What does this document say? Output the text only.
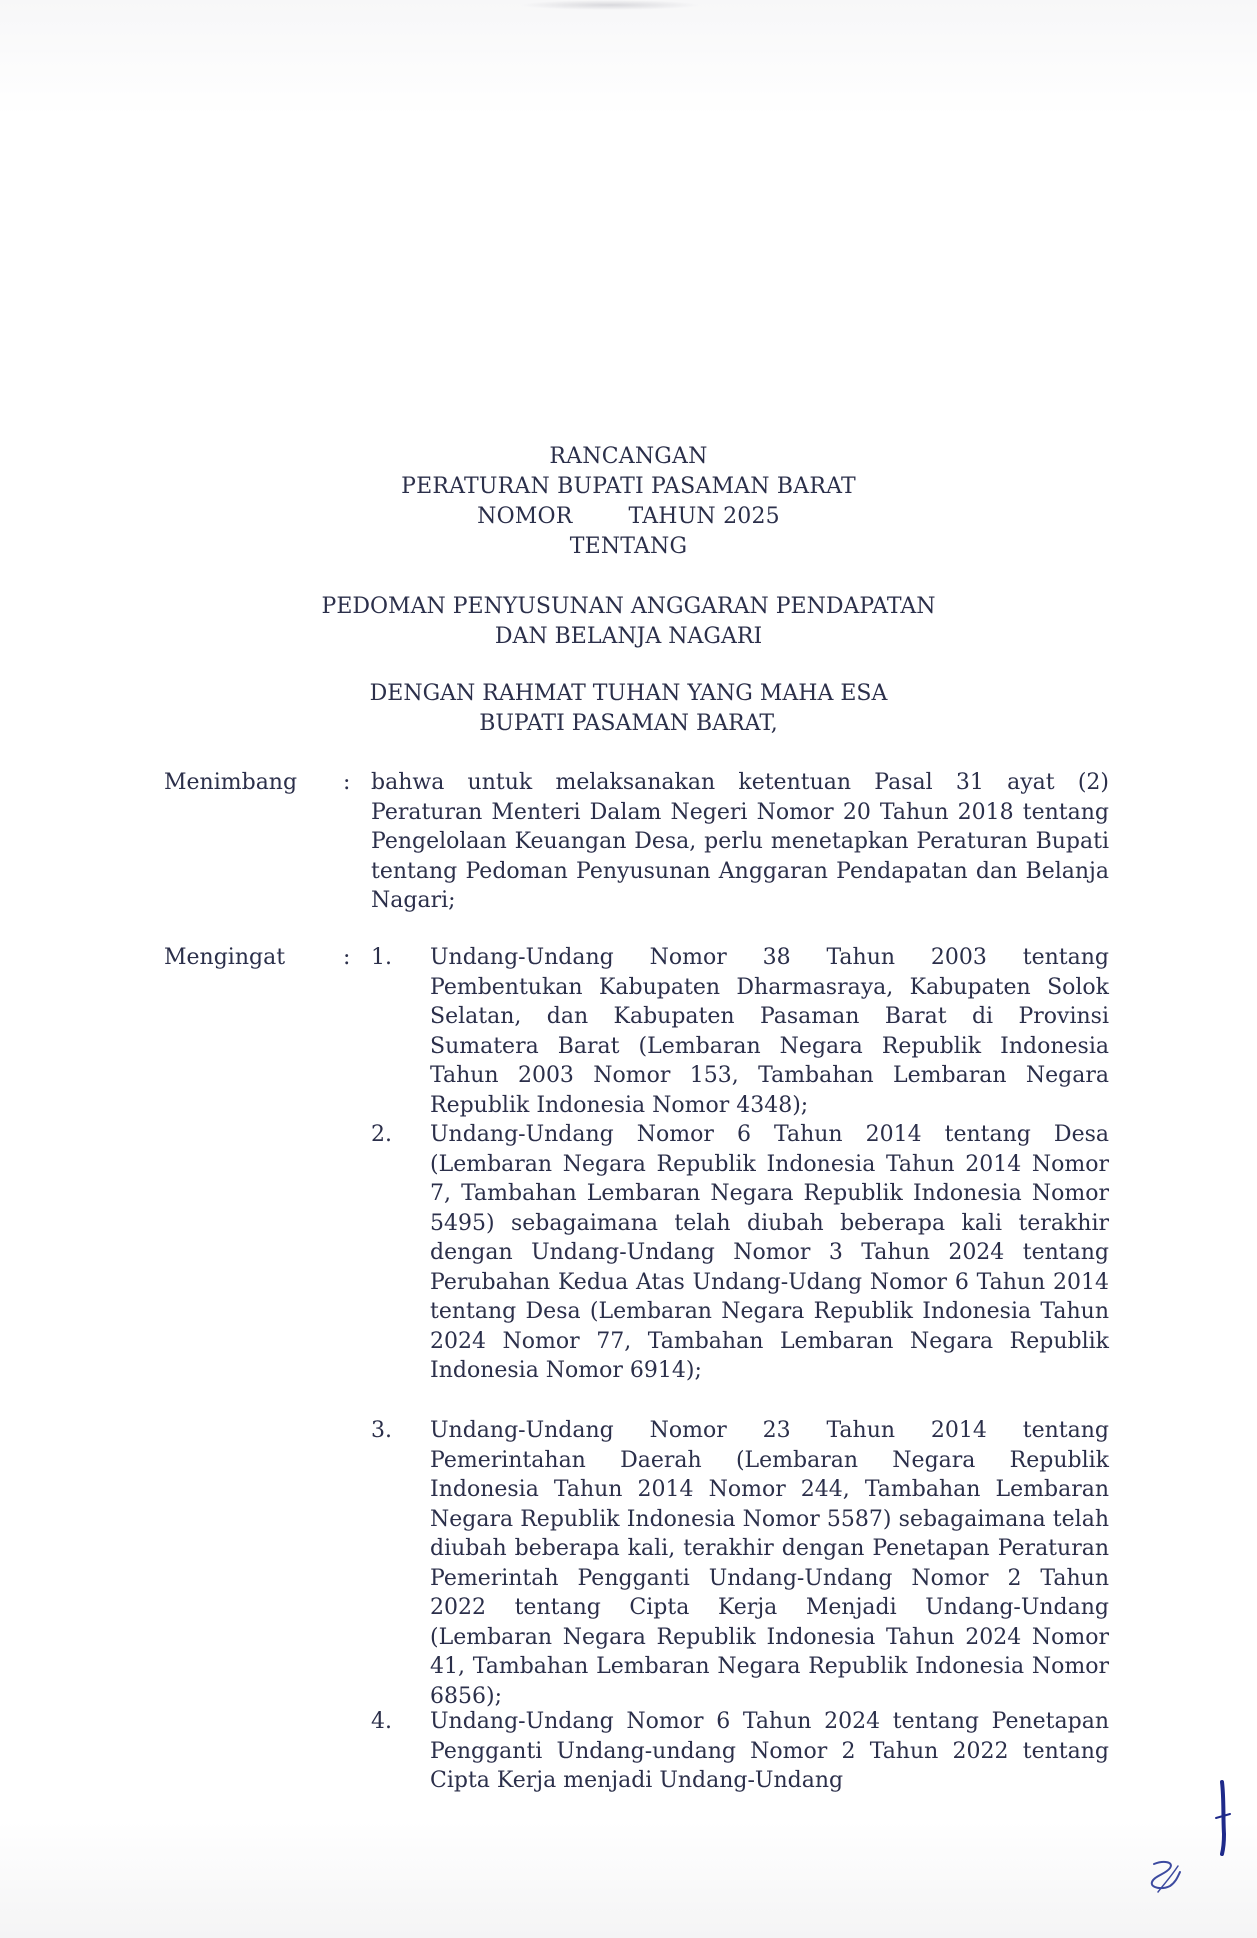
RANCANGAN
PERATURAN BUPATI PASAMAN BARAT
NOMOR	TAHUN 2025
TENTANG
PEDOMAN PENYUSUNAN ANGGARAN PENDAPATAN
DAN BELANJA NAGARI
DENGAN RAHMAT TUHAN YANG MAHA ESA
BUPATI PASAMAN BARAT,
Menimbang : bahwa untuk melaksanakan ketentuan Pasal 31 ayat (2) Peraturan Menteri Dalam Negeri Nomor 20 Tahun 2018 tentang Pengelolaan Keuangan Desa, perlu menetapkan Peraturan Bupati tentang Pedoman Penyusunan Anggaran Pendapatan dan Belanja Nagari;
Mengingat	: 1. Undang-Undang Nomor 38 Tahun 2003 tentang Pembentukan Kabupaten Dharmasraya, Kabupaten Solok Selatan, dan Kabupaten Pasaman Barat di Provinsi Sumatera Barat (Lembaran Negara Republik Indonesia Tahun 2003 Nomor 153, Tambahan Lembaran Negara Republik Indonesia Nomor 4348);
2. Undang-Undang Nomor 6 Tahun 2014 tentang Desa (Lembaran Negara Republik Indonesia Tahun 2014 Nomor 7, Tambahan Lembaran Negara Republik Indonesia Nomor 5495) sebagaimana telah diubah beberapa kali terakhir dengan Undang-Undang Nomor 3 Tahun 2024 tentang Perubahan Kedua Atas Undang-Udang Nomor 6 Tahun 2014 tentang Desa (Lembaran Negara Republik Indonesia Tahun 2024 Nomor 77, Tambahan Lembaran Negara Republik Indonesia Nomor 6914);
3. Undang-Undang Nomor 23 Tahun 2014 tentang Pemerintahan Daerah (Lembaran Negara Republik Indonesia Tahun 2014 Nomor 244, Tambahan Lembaran Negara Republik Indonesia Nomor 5587) sebagaimana telah diubah beberapa kali, terakhir dengan Penetapan Peraturan Pemerintah Pengganti Undang-Undang Nomor 2 Tahun 2022 tentang Cipta Kerja Menjadi Undang-Undang (Lembaran Negara Republik Indonesia Tahun 2024 Nomor 41, Tambahan Lembaran Negara Republik Indonesia Nomor 6856);
4. Undang-Undang Nomor 6 Tahun 2024 tentang Penetapan Pengganti Undang-undang Nomor 2 Tahun 2022 tentang Cipta Kerja menjadi Undang-Undang
